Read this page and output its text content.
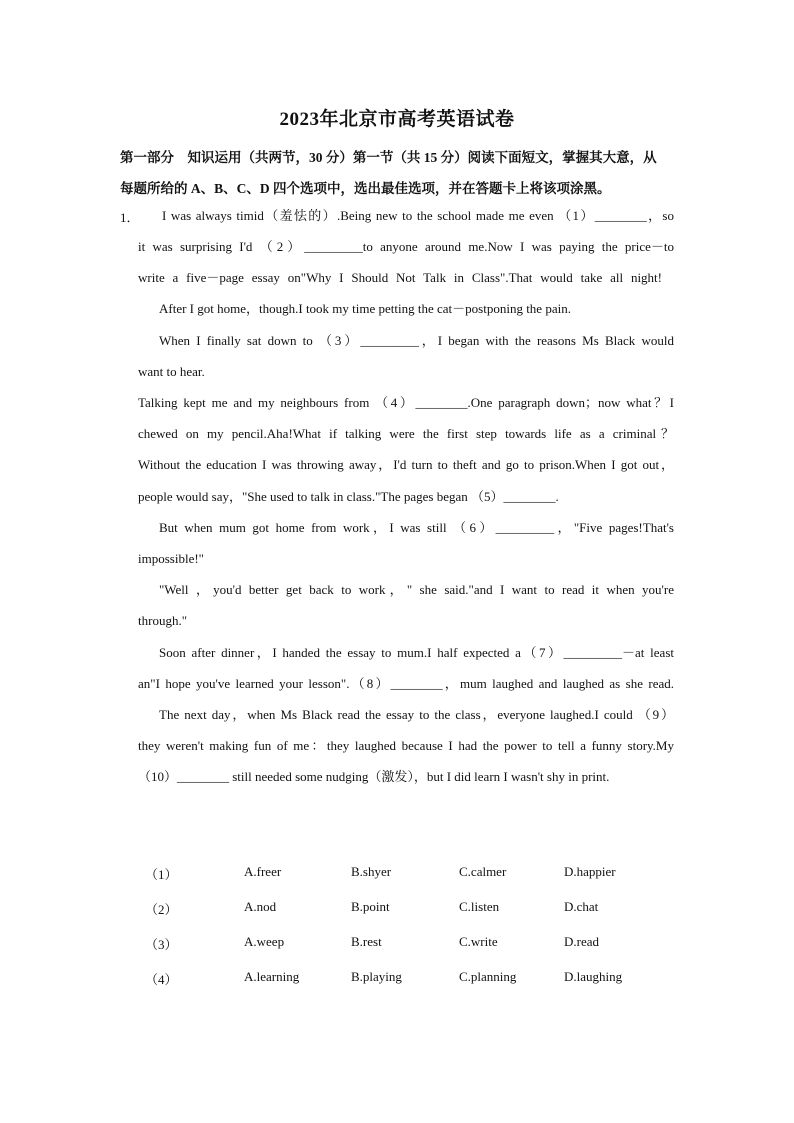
2023年北京市高考英语试卷
第一部分　知识运用（共两节，30 分）第一节（共 15 分）阅读下面短文，掌握其大意，从
每题所给的 A、B、C、D 四个选项中，选出最佳选项，并在答题卡上将该项涂黑。
1． I was always timid（羞怯的）.Being new to the school made me even （1）________，so
it was surprising I'd （2）_________to anyone around me.Now I was paying the price－to
write a five－page essay on"Why I Should Not Talk in Class".That would take all night!
After I got home，though.I took my time petting the cat－postponing the pain.
When I finally sat down to （3）_________，I began with the reasons Ms Black would
want to hear.
Talking kept me and my neighbours from （4）________.One paragraph down；now what？I
chewed on my pencil.Aha!What if talking were the first step towards life as a criminal？
Without the education I was throwing away，I'd turn to theft and go to prison.When I got out，
people would say，"She used to talk in class."The pages began （5）________.
But when mum got home from work，I was still （6）_________，"Five pages!That's
impossible!"
"Well ，you'd better get back to work，" she said."and I want to read it when you're
through."
Soon after dinner，I handed the essay to mum.I half expected a（7）_________－at least
an"I hope you've learned your lesson".（8）________，mum laughed and laughed as she read.
The next day，when Ms Black read the essay to the class，everyone laughed.I could （9）
they weren't making fun of me：they laughed because I had the power to tell a funny story.My
（10）________ still needed some nudging（激发），but I did learn I wasn't shy in print.
（1）	A.freer	B.shyer	C.calmer	D.happier
（2）	A.nod	B.point	C.listen	D.chat
（3）	A.weep	B.rest	C.write	D.read
（4）	A.learning	B.playing	C.planning	D.laughing
